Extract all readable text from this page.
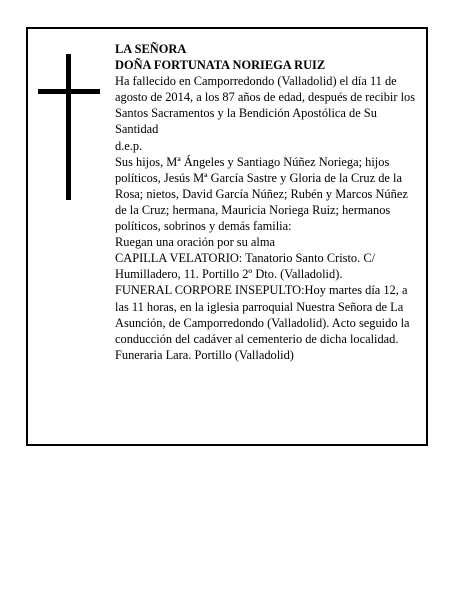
LA SEÑORA

DOÑA FORTUNATA NORIEGA RUIZ

Ha fallecido en Camporredondo (Valladolid) el día 11 de agosto de 2014, a los 87 años de edad, después de recibir los Santos Sacramentos y la Bendición Apostólica de Su Santidad

d.e.p.

Sus hijos, Mª Ángeles y Santiago Núñez Noriega; hijos políticos, Jesús Mª García Sastre y Gloria de la Cruz de la Rosa; nietos, David García Núñez; Rubén y Marcos Núñez de la Cruz; hermana, Mauricia Noriega Ruiz; hermanos políticos, sobrinos y demás familia:

Ruegan una oración por su alma

CAPILLA VELATORIO: Tanatorio Santo Cristo. C/ Humilladero, 11. Portillo 2º Dto. (Valladolid).

FUNERAL CORPORE INSEPULTO:Hoy martes día 12, a las 11 horas, en la iglesia parroquial Nuestra Señora de La Asunción, de Camporredondo (Valladolid). Acto seguido la conducción del cadáver al cementerio de dicha localidad.

Funeraria Lara. Portillo (Valladolid)
